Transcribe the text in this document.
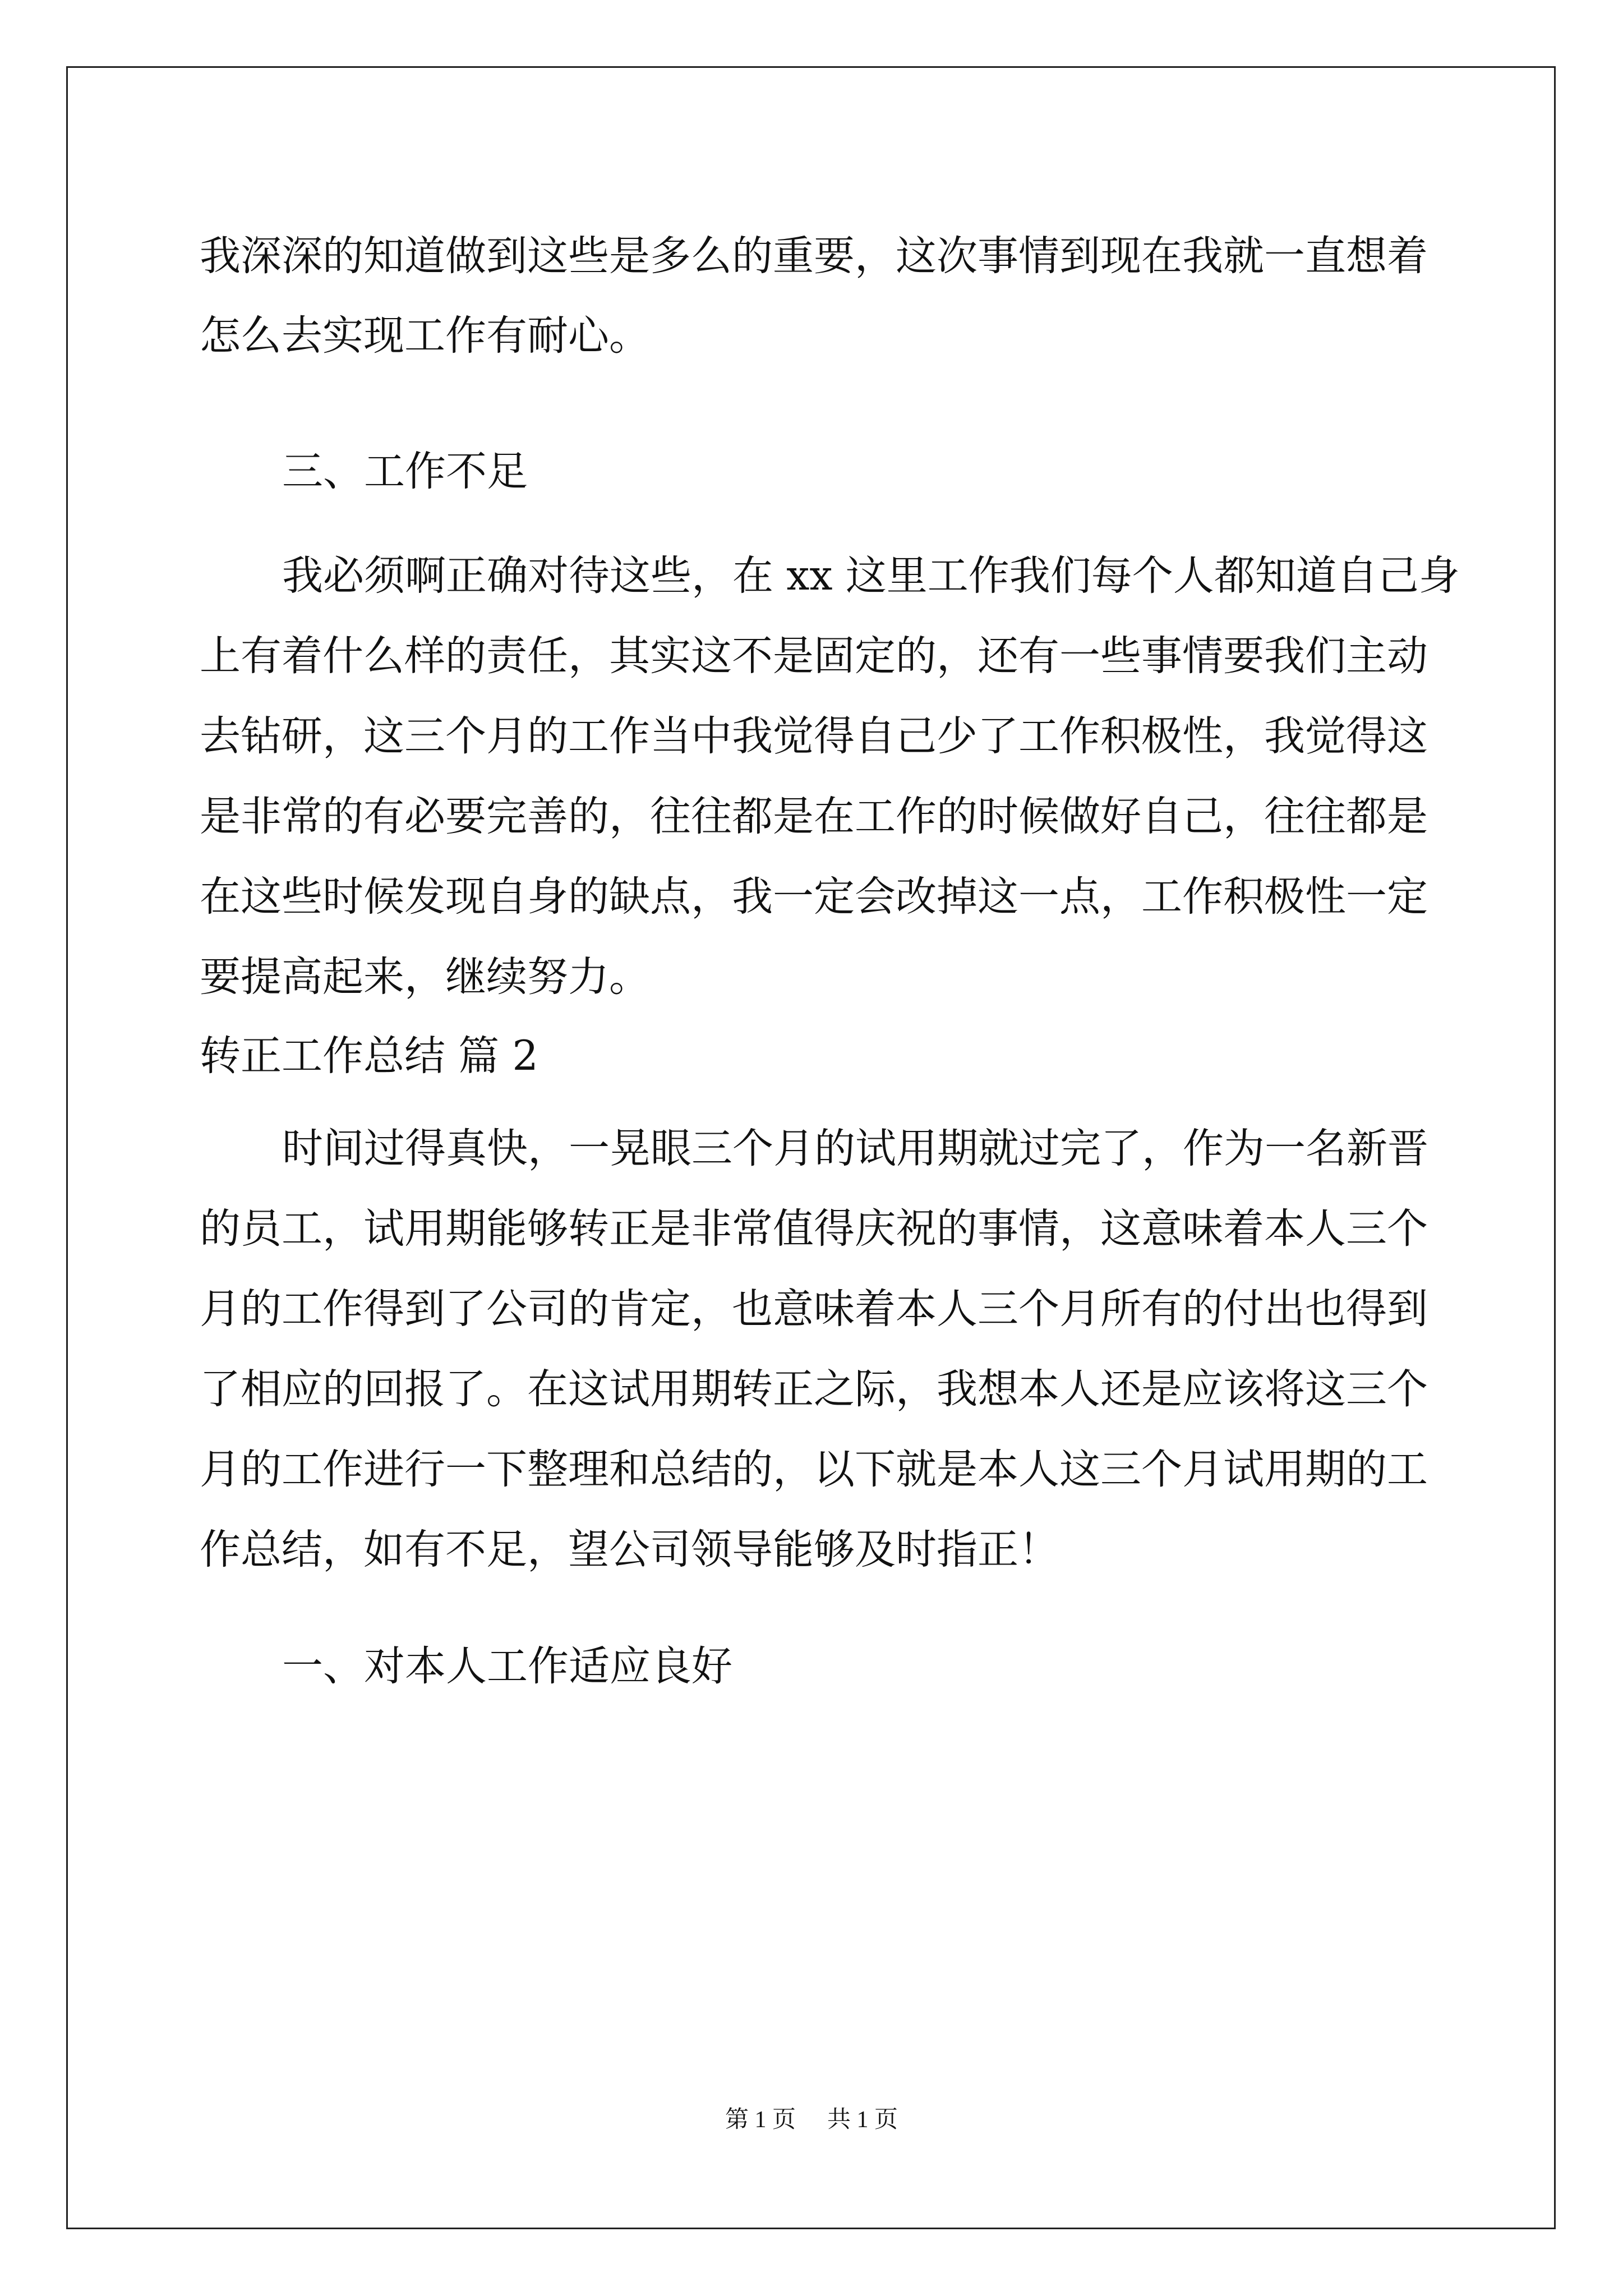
我深深的知道做到这些是多么的重要，这次事情到现在我就一直想着
怎么去实现工作有耐心。
三、工作不足
我必须啊正确对待这些，在 xx 这里工作我们每个人都知道自己身
上有着什么样的责任，其实这不是固定的，还有一些事情要我们主动
去钻研，这三个月的工作当中我觉得自己少了工作积极性，我觉得这
是非常的有必要完善的，往往都是在工作的时候做好自己，往往都是
在这些时候发现自身的缺点，我一定会改掉这一点，工作积极性一定
要提高起来，继续努力。
转正工作总结 篇 2
时间过得真快，一晃眼三个月的试用期就过完了，作为一名新晋
的员工，试用期能够转正是非常值得庆祝的事情，这意味着本人三个
月的工作得到了公司的肯定，也意味着本人三个月所有的付出也得到
了相应的回报了。在这试用期转正之际，我想本人还是应该将这三个
月的工作进行一下整理和总结的，以下就是本人这三个月试用期的工
作总结，如有不足，望公司领导能够及时指正！
一、对本人工作适应良好
第 1 页 共 1 页
